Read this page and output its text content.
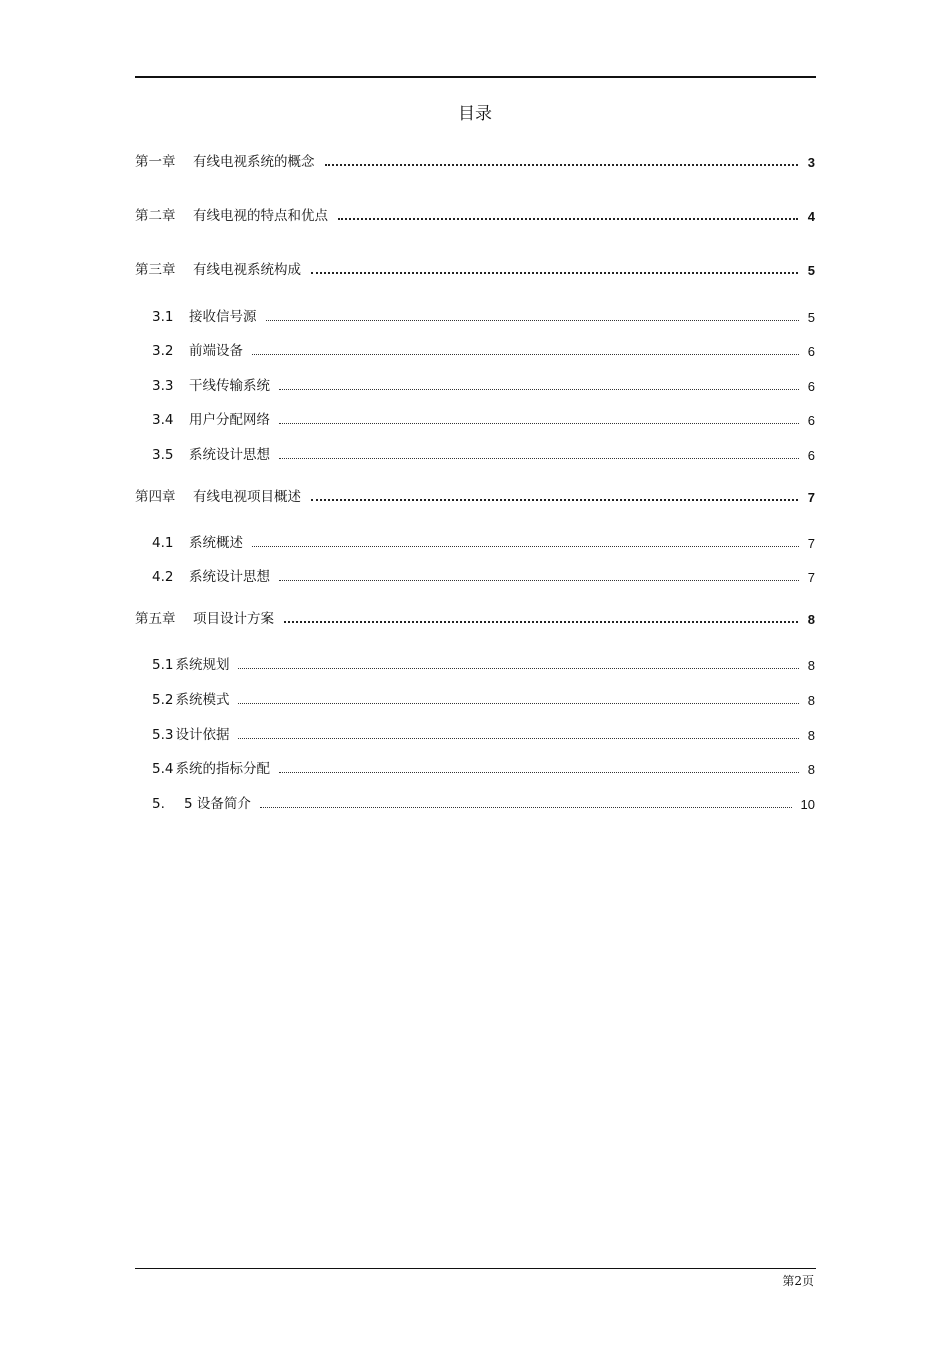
目录
第一章	有线电视系统的概念	3
第二章	有线电视的特点和优点	4
第三章	有线电视系统构成	5
3.1	接收信号源	5
3.2	前端设备	6
3.3	干线传输系统	6
3.4	用户分配网络	6
3.5	系统设计思想	6
第四章	有线电视项目概述	7
4.1	系统概述	7
4.2	系统设计思想	7
第五章	项目设计方案	8
5.1 系统规划	8
5.2 系统模式	8
5.3 设计依据	8
5.4 系统的指标分配	8
5.	5 设备简介	10
第2页
